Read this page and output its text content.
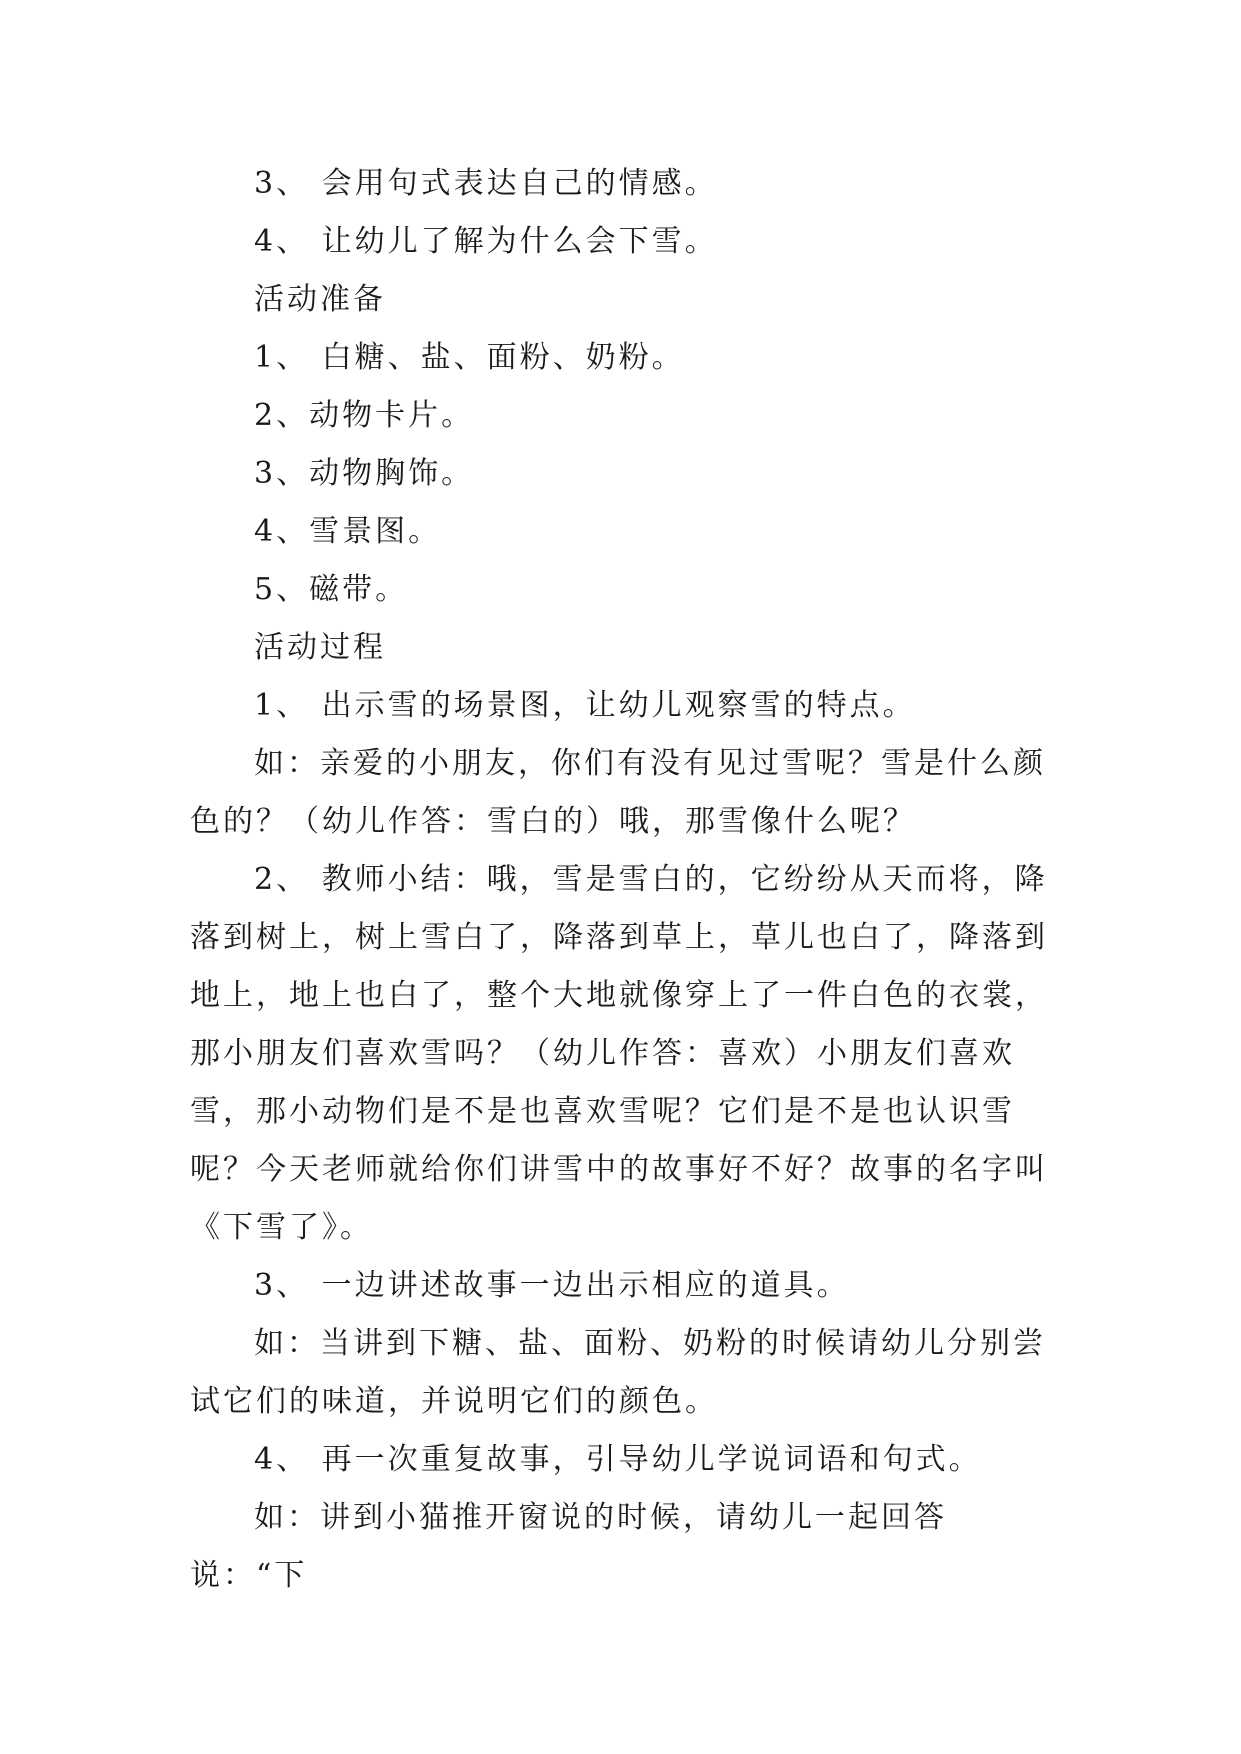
3、 会用句式表达自己的情感。

4、 让幼儿了解为什么会下雪。

活动准备

1、 白糖、盐、面粉、奶粉。

2、动物卡片。

3、动物胸饰。

4、雪景图。

5、磁带。

活动过程

1、 出示雪的场景图，让幼儿观察雪的特点。

如：亲爱的小朋友，你们有没有见过雪呢？雪是什么颜色的？（幼儿作答：雪白的）哦，那雪像什么呢？

2、 教师小结：哦，雪是雪白的，它纷纷从天而将，降落到树上，树上雪白了，降落到草上，草儿也白了，降落到地上，地上也白了，整个大地就像穿上了一件白色的衣裳，那小朋友们喜欢雪吗？（幼儿作答：喜欢）小朋友们喜欢雪，那小动物们是不是也喜欢雪呢？它们是不是也认识雪呢？今天老师就给你们讲雪中的故事好不好？故事的名字叫《下雪了》。

3、 一边讲述故事一边出示相应的道具。

如：当讲到下糖、盐、面粉、奶粉的时候请幼儿分别尝试它们的味道，并说明它们的颜色。

4、 再一次重复故事，引导幼儿学说词语和句式。

如：讲到小猫推开窗说的时候，请幼儿一起回答说：“下
